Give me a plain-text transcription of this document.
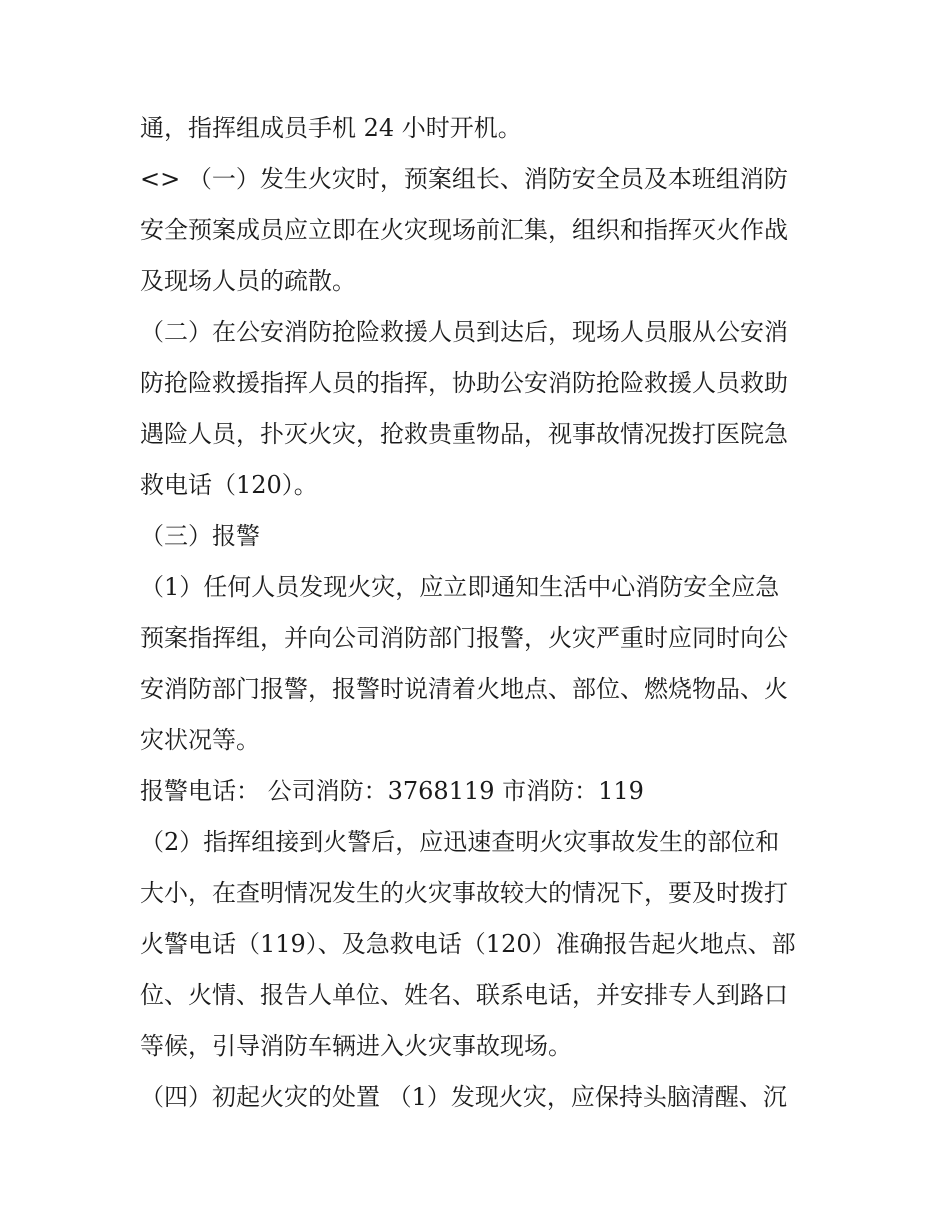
通，指挥组成员手机 24 小时开机。

<> （一）发生火灾时，预案组长、消防安全员及本班组消防

安全预案成员应立即在火灾现场前汇集，组织和指挥灭火作战

及现场人员的疏散。

（二）在公安消防抢险救援人员到达后，现场人员服从公安消

防抢险救援指挥人员的指挥，协助公安消防抢险救援人员救助

遇险人员，扑灭火灾，抢救贵重物品，视事故情况拨打医院急

救电话（120）。

（三）报警

（1）任何人员发现火灾，应立即通知生活中心消防安全应急

预案指挥组，并向公司消防部门报警，火灾严重时应同时向公

安消防部门报警，报警时说清着火地点、部位、燃烧物品、火

灾状况等。

报警电话： 公司消防：3768119 市消防：119

（2）指挥组接到火警后，应迅速查明火灾事故发生的部位和

大小，在查明情况发生的火灾事故较大的情况下，要及时拨打

火警电话（119）、及急救电话（120）准确报告起火地点、部

位、火情、报告人单位、姓名、联系电话，并安排专人到路口

等候，引导消防车辆进入火灾事故现场。

（四）初起火灾的处置 （1）发现火灾，应保持头脑清醒、沉
